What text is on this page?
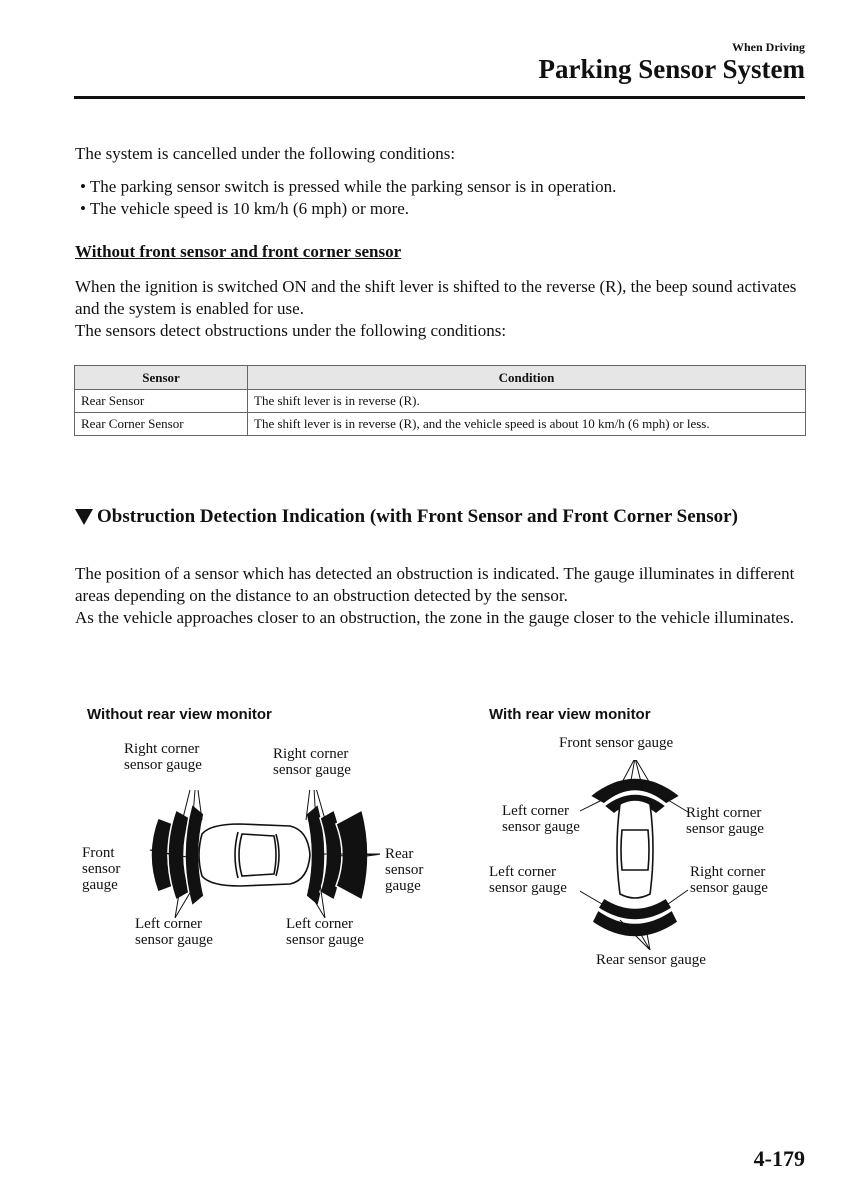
When Driving
Parking Sensor System
The system is cancelled under the following conditions:
• The parking sensor switch is pressed while the parking sensor is in operation.
• The vehicle speed is 10 km/h (6 mph) or more.
Without front sensor and front corner sensor
When the ignition is switched ON and the shift lever is shifted to the reverse (R), the beep sound activates and the system is enabled for use.
The sensors detect obstructions under the following conditions:
Sensor	Condition
Rear Sensor	The shift lever is in reverse (R).
Rear Corner Sensor	The shift lever is in reverse (R), and the vehicle speed is about 10 km/h (6 mph) or less.
Obstruction Detection Indication (with Front Sensor and Front Corner Sensor)
The position of a sensor which has detected an obstruction is indicated. The gauge illuminates in different areas depending on the distance to an obstruction detected by the sensor.
As the vehicle approaches closer to an obstruction, the zone in the gauge closer to the vehicle illuminates.
Without rear view monitor	With rear view monitor
Right corner
sensor gauge
Right corner
sensor gauge
Front
sensor
gauge
Rear
sensor
gauge
Left corner
sensor gauge
Left corner
sensor gauge
Front sensor gauge
Left corner
sensor gauge
Right corner
sensor gauge
Left corner
sensor gauge
Right corner
sensor gauge
Rear sensor gauge
4-179
